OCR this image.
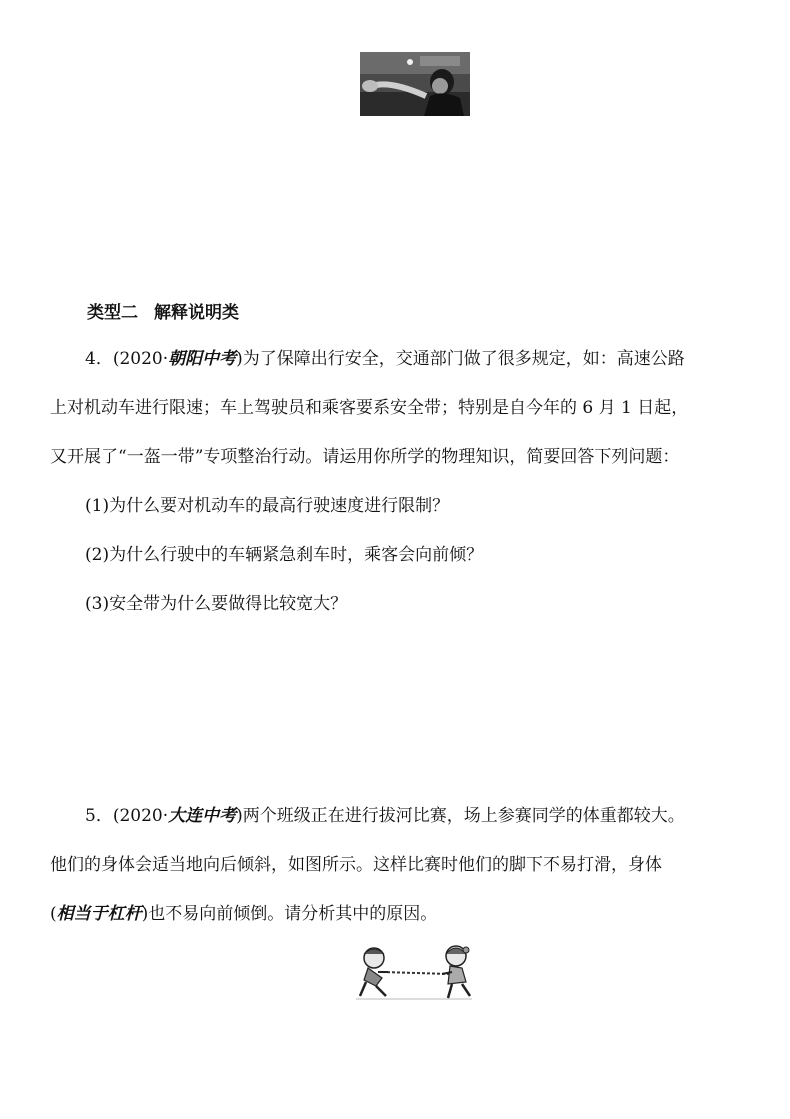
类型二 解释说明类
4．(2020·朝阳中考)为了保障出行安全，交通部门做了很多规定，如：高速公路
上对机动车进行限速；车上驾驶员和乘客要系安全带；特别是自今年的 6 月 1 日起，
又开展了“一盔一带”专项整治行动。请运用你所学的物理知识，简要回答下列问题：
(1)为什么要对机动车的最高行驶速度进行限制？
(2)为什么行驶中的车辆紧急刹车时，乘客会向前倾？
(3)安全带为什么要做得比较宽大？
5．(2020·大连中考)两个班级正在进行拔河比赛，场上参赛同学的体重都较大。
他们的身体会适当地向后倾斜，如图所示。这样比赛时他们的脚下不易打滑，身体
(相当于杠杆)也不易向前倾倒。请分析其中的原因。
